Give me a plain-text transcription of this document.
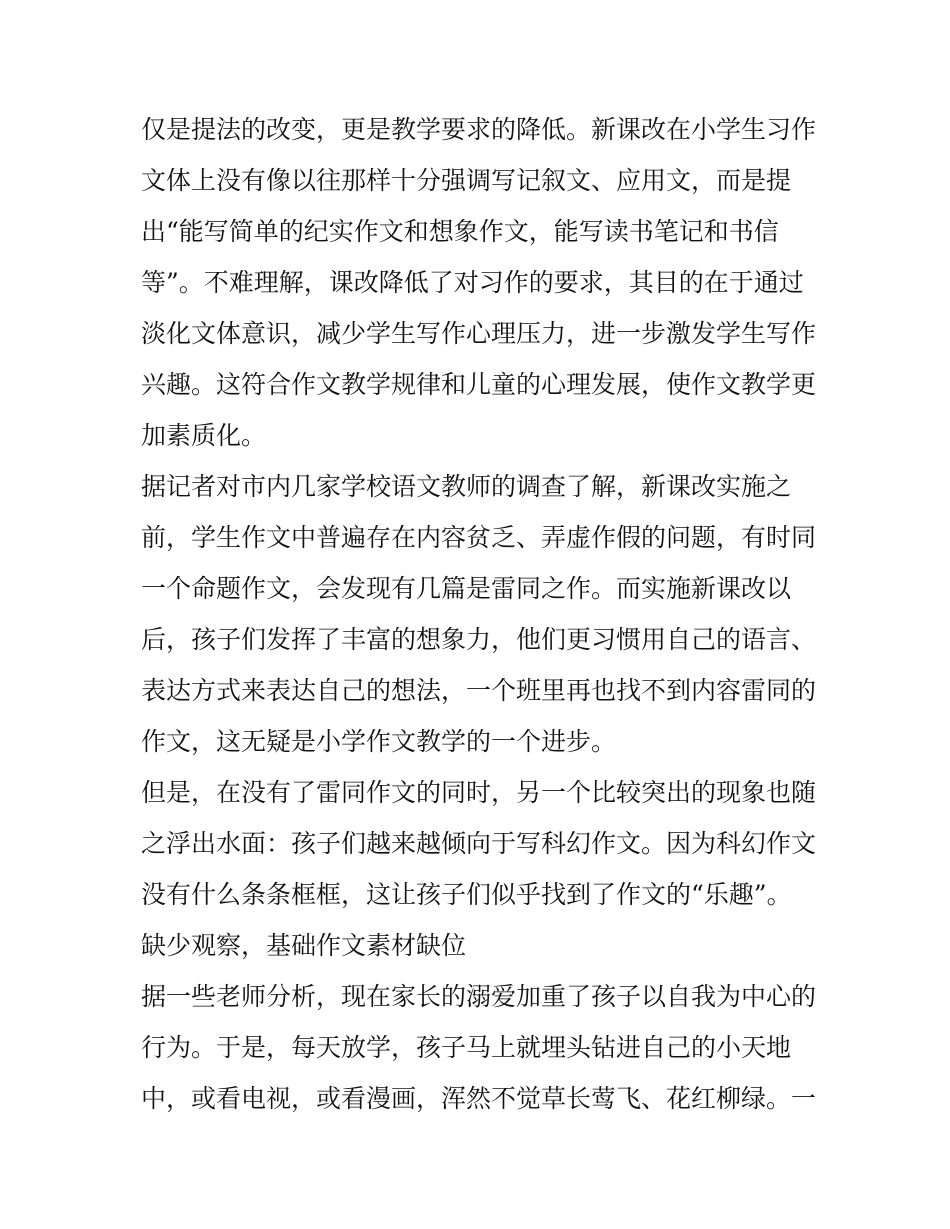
仅是提法的改变，更是教学要求的降低。新课改在小学生习作
文体上没有像以往那样十分强调写记叙文、应用文，而是提
出“能写简单的纪实作文和想象作文，能写读书笔记和书信
等”。不难理解，课改降低了对习作的要求，其目的在于通过
淡化文体意识，减少学生写作心理压力，进一步激发学生写作
兴趣。这符合作文教学规律和儿童的心理发展，使作文教学更
加素质化。
据记者对市内几家学校语文教师的调查了解，新课改实施之
前，学生作文中普遍存在内容贫乏、弄虚作假的问题，有时同
一个命题作文，会发现有几篇是雷同之作。而实施新课改以
后，孩子们发挥了丰富的想象力，他们更习惯用自己的语言、
表达方式来表达自己的想法，一个班里再也找不到内容雷同的
作文，这无疑是小学作文教学的一个进步。
但是，在没有了雷同作文的同时，另一个比较突出的现象也随
之浮出水面：孩子们越来越倾向于写科幻作文。因为科幻作文
没有什么条条框框，这让孩子们似乎找到了作文的“乐趣”。
缺少观察，基础作文素材缺位
据一些老师分析，现在家长的溺爱加重了孩子以自我为中心的
行为。于是，每天放学，孩子马上就埋头钻进自己的小天地
中，或看电视，或看漫画，浑然不觉草长莺飞、花红柳绿。一
